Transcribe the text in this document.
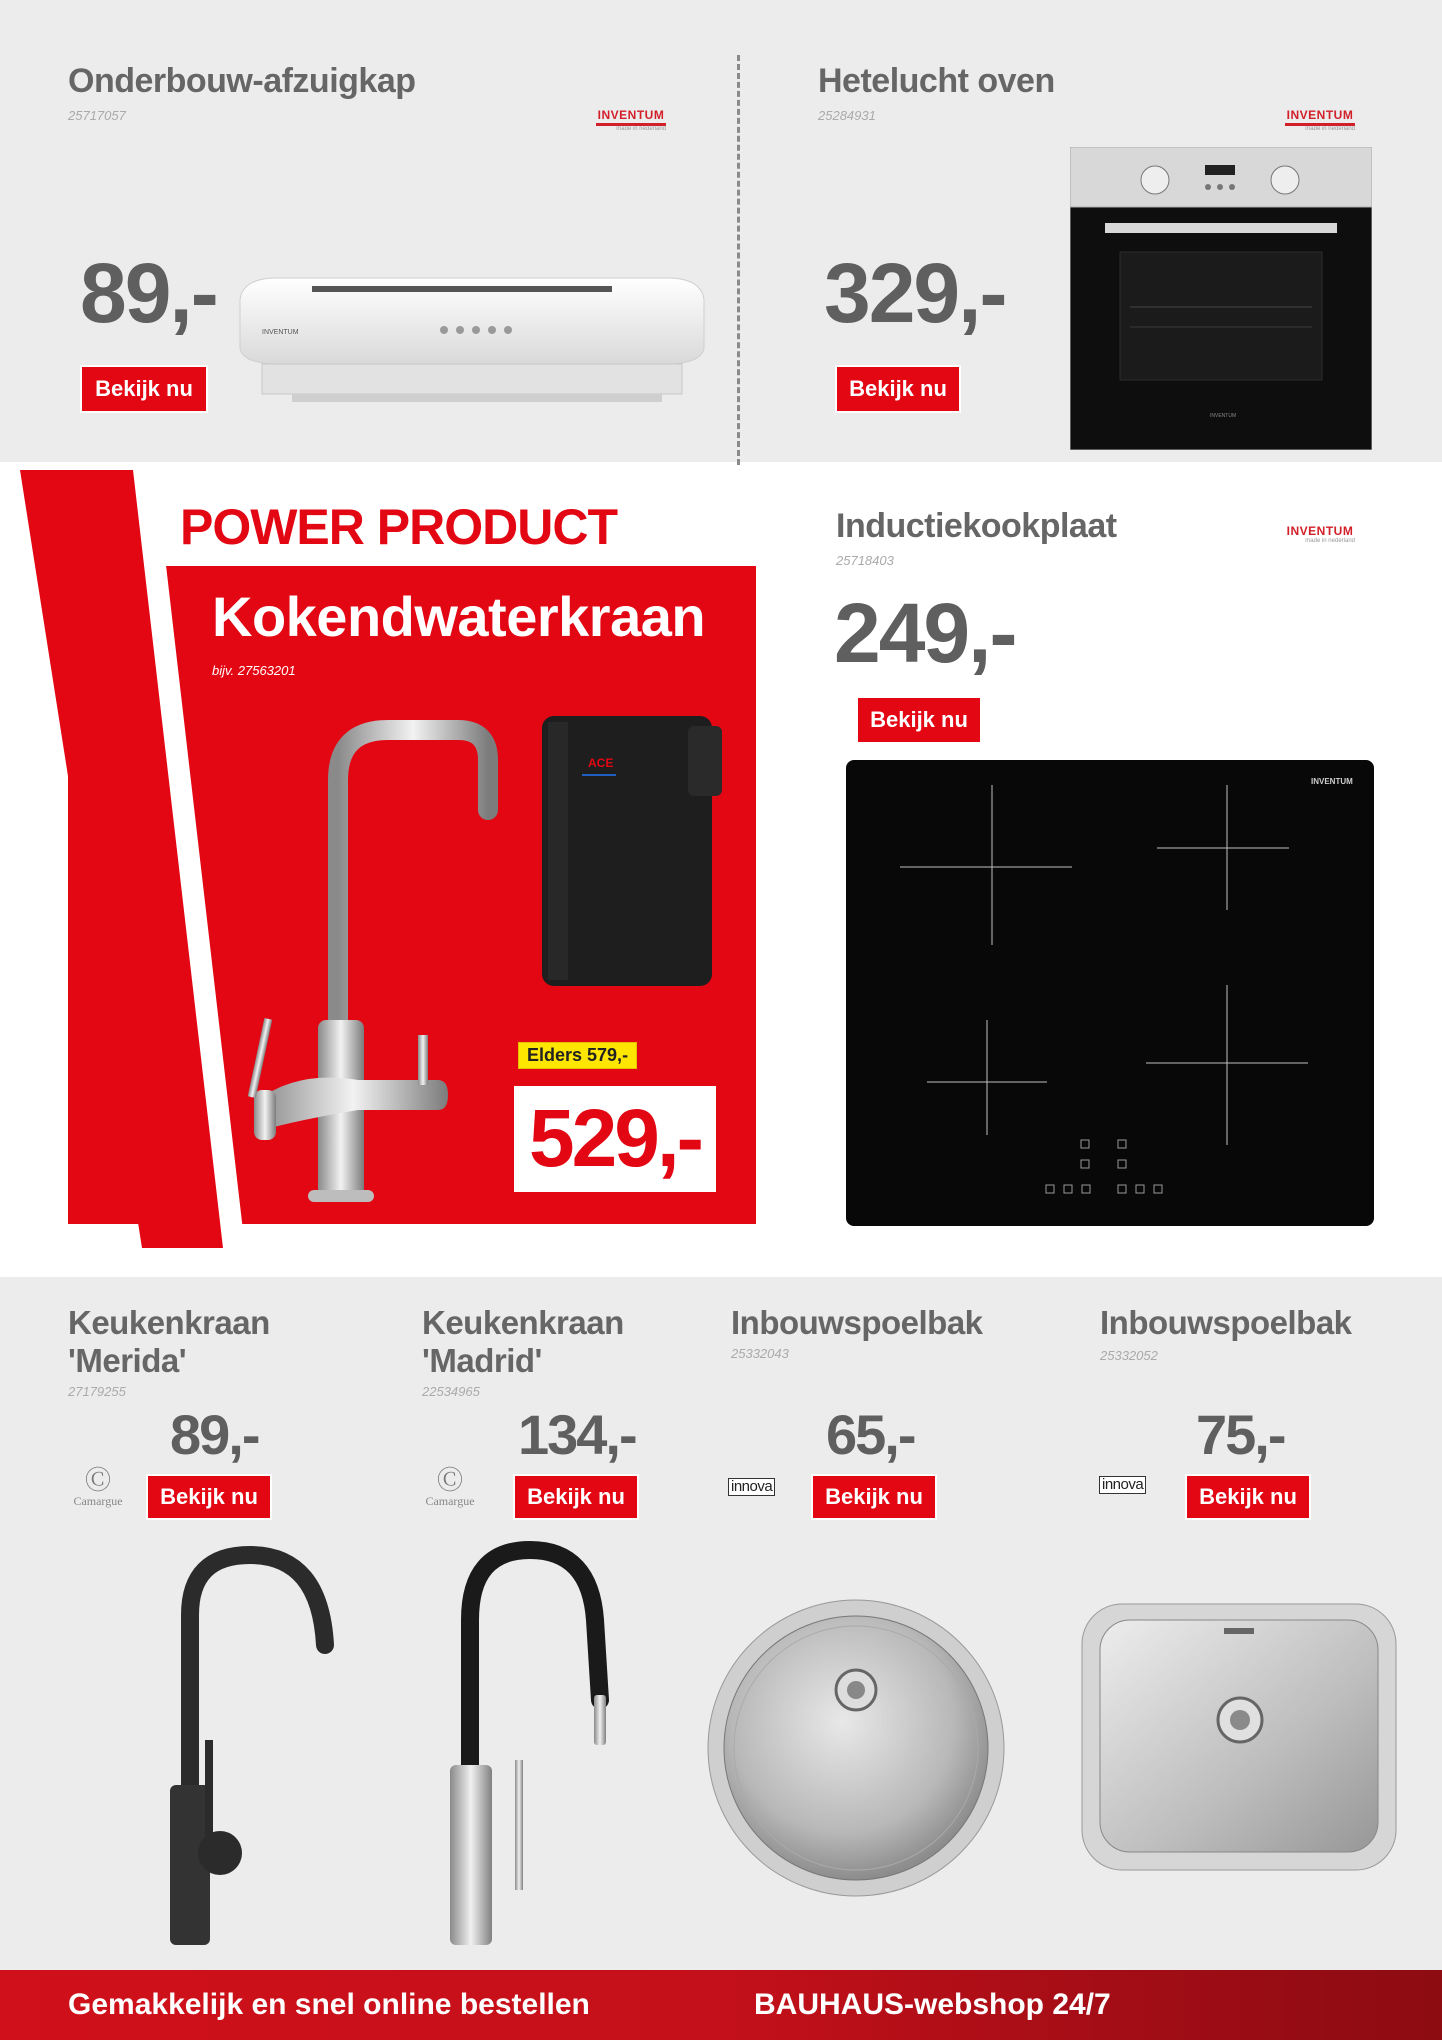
Onderbouw-afzuigkap
25717057	INVENTUM
made in nederland
89,-
Bekijk nu
INVENTUM
Hetelucht oven
25284931	INVENTUM
made in nederland
329,-
Bekijk nu
INVENTUM
POWER PRODUCT
Kokendwaterkraan
bijv. 27563201
ACE
Elders 579,-
529,-
Inductiekookplaat
25718403
INVENTUM
made in nederland
249,-
Bekijk nu
INVENTUM
Keukenkraan
'Merida'
27179255
89,-
Ⓒ
Camargue	Bekijk nu
Keukenkraan
'Madrid'
22534965
134,-
Ⓒ
Camargue	Bekijk nu
Inbouwspoelbak
25332043
65,-
innova	Bekijk nu
Inbouwspoelbak
25332052
75,-
innova	Bekijk nu
Gemakkelijk en snel online bestellen	BAUHAUS-webshop 24/7
